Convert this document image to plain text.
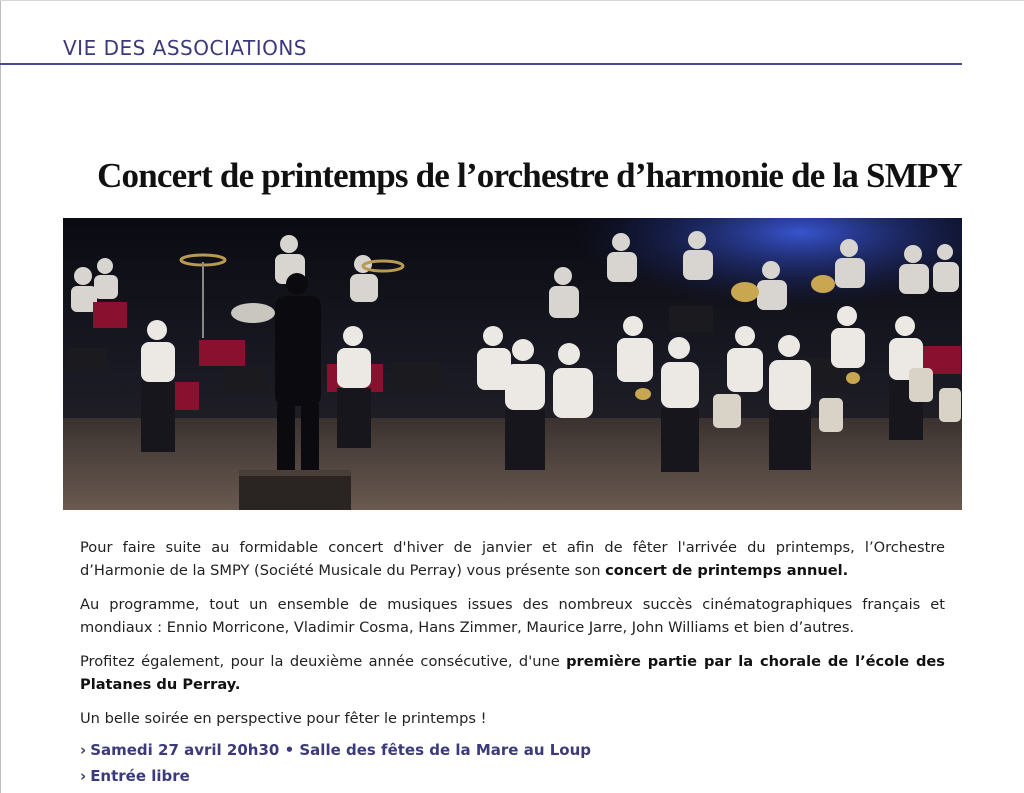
VIE DES ASSOCIATIONS
Concert de printemps de l’orchestre d’harmonie de la SMPY

Pour faire suite au formidable concert d'hiver de janvier et afin de fêter l'arrivée du printemps, l’Orchestre d’Harmonie de la SMPY (Société Musicale du Perray) vous présente son concert de printemps annuel.

Au programme, tout un ensemble de musiques issues des nombreux succès cinématographiques français et mondiaux : Ennio Morricone, Vladimir Cosma, Hans Zimmer, Maurice Jarre, John Williams et bien d’autres.

Profitez également, pour la deuxième année consécutive, d'une première partie par la chorale de l’école des Platanes du Perray.

Un belle soirée en perspective pour fêter le printemps !

› Samedi 27 avril 20h30 • Salle des fêtes de la Mare au Loup
› Entrée libre
